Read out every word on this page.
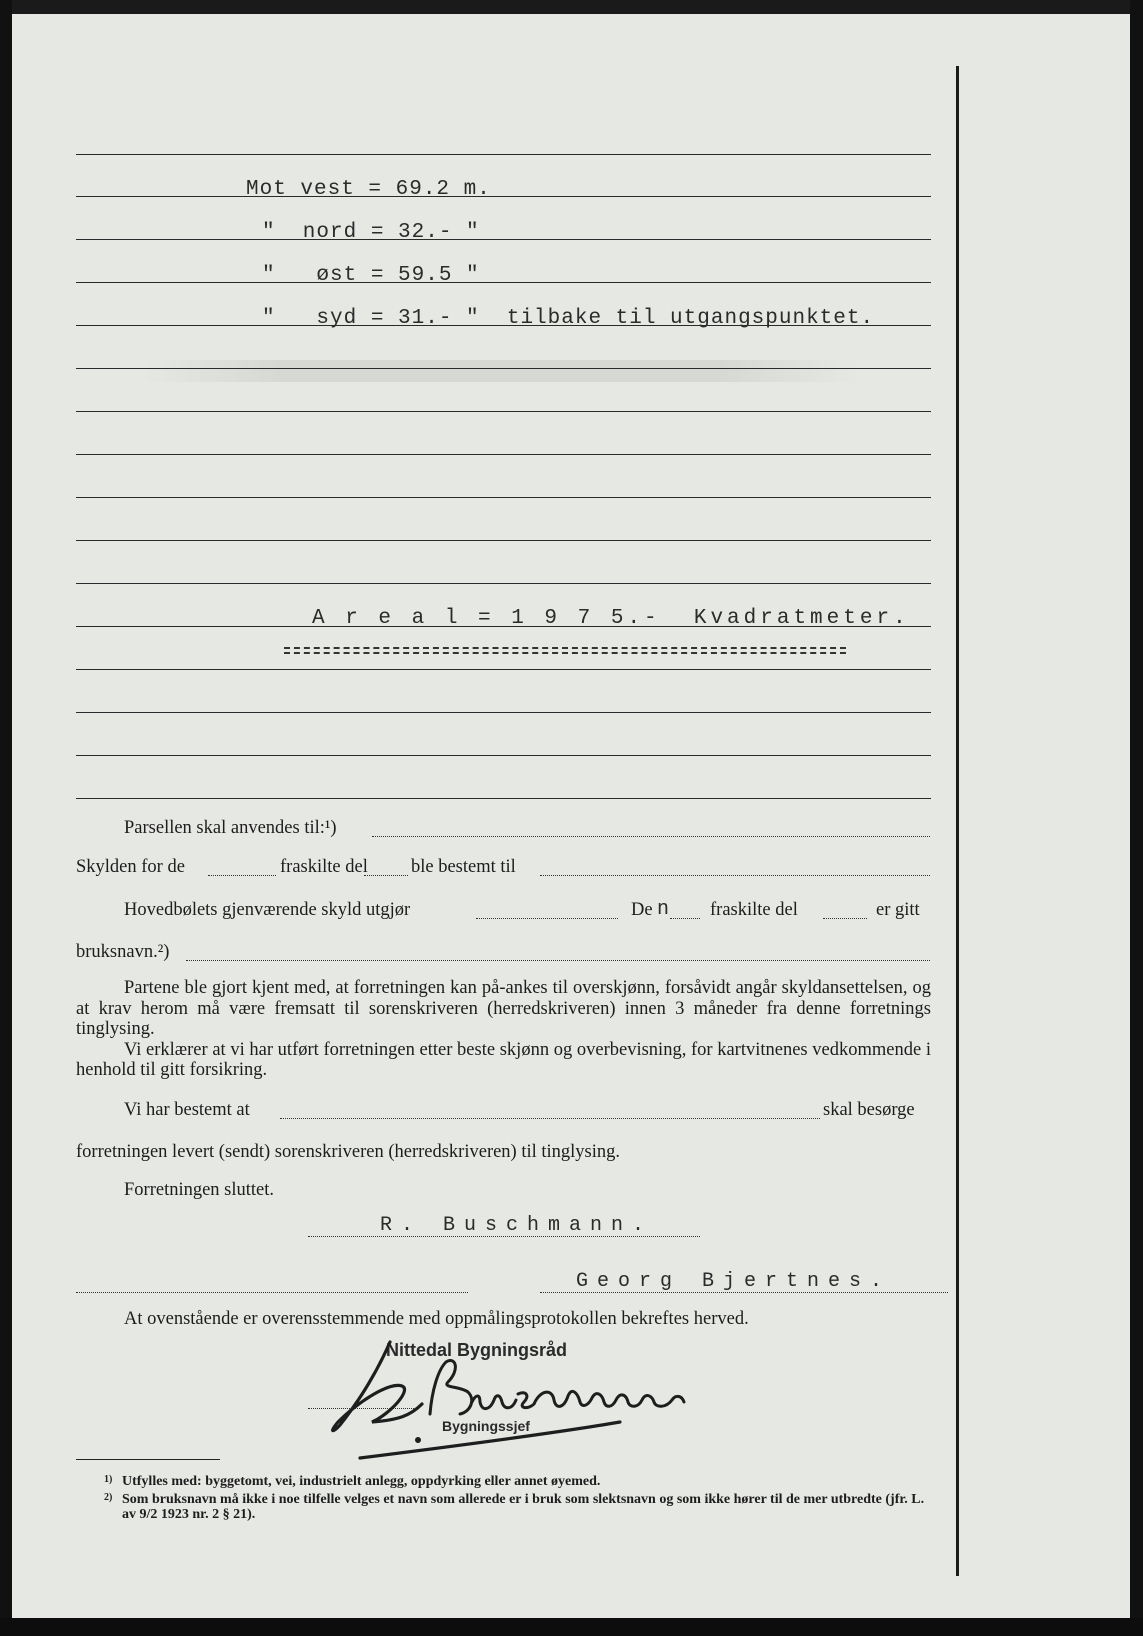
Mot vest = 69.2 m.
"  nord = 32.- "
"   øst = 59.5 "
"   syd = 31.- "  tilbake til utgangspunktet.
A r e a l = 1 9 7 5.-  Kvadratmeter.
Parsellen skal anvendes til:¹)
Skylden for de	fraskilte del ble bestemt til
Hovedbølets gjenværende skyld utgjør	De n fraskilte del	er gitt
bruksnavn.²)
Partene ble gjort kjent med, at forretningen kan på-ankes til overskjønn, forsåvidt angår skyldansettelsen, og at krav herom må være fremsatt til sorenskriveren (herredskriveren) innen 3 måneder fra denne forretnings tinglysing.
Vi erklærer at vi har utført forretningen etter beste skjønn og overbevisning, for kartvitnenes vedkommende i henhold til gitt forsikring.
Vi har bestemt at	skal besørge
forretningen levert (sendt) sorenskriveren (herredskriveren) til tinglysing.
Forretningen sluttet.
R. Buschmann.
Georg Bjertnes.
At ovenstående er overensstemmende med oppmålingsprotokollen bekreftes herved.
Nittedal Bygningsråd
Bygningssjef
1) Utfylles med: byggetomt, vei, industrielt anlegg, oppdyrking eller annet øyemed.
2) Som bruksnavn må ikke i noe tilfelle velges et navn som allerede er i bruk som slektsnavn og som ikke hører til de mer utbredte (jfr. L. av 9/2 1923 nr. 2 § 21).
